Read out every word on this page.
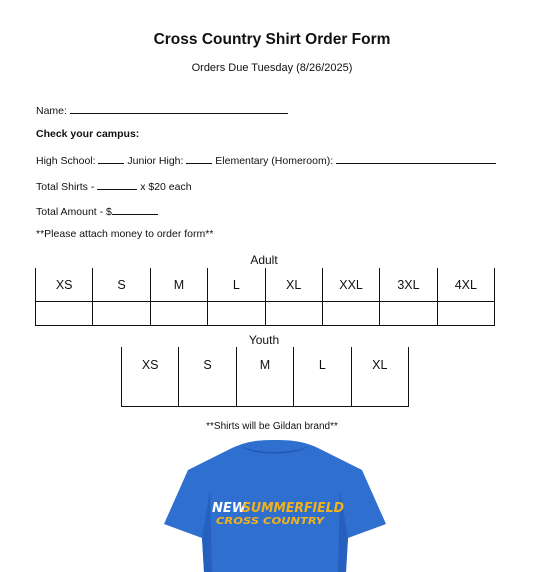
Cross Country Shirt Order Form
Orders Due Tuesday (8/26/2025)
Name:
Check your campus:
High School:	Junior High:	Elementary (Homeroom):
Total Shirts -	x $20 each
Total Amount - $
**Please attach money to order form**
Adult
XS	S	M	L	XL	XXL	3XL	4XL
Youth
XS	S	M	L	XL
**Shirts will be Gildan brand**
NEW
SUMMERFIELD
CROSS COUNTRY
